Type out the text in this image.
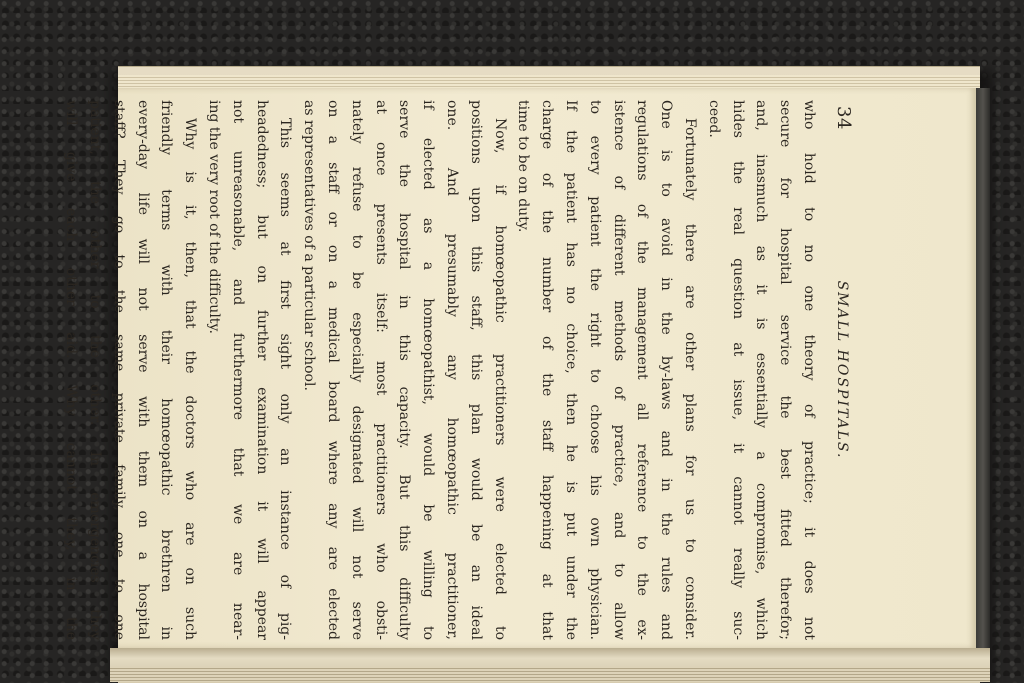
34
SMALL HOSPITALS.
who hold to no one theory of practice; it does not
secure for hospital service the best fitted therefor;
and, inasmuch as it is essentially a compromise, which
hides the real question at issue, it cannot really suc-
ceed.
Fortunately there are other plans for us to consider.
One is to avoid in the by-laws and in the rules and
regulations of the management all reference to the ex-
istence of different methods of practice, and to allow
to every patient the right to choose his own physician.
If the patient has no choice, then he is put under the
charge of the number of the staff happening at that
time to be on duty.
Now, if homœopathic practitioners were elected to
positions upon this staff, this plan would be an ideal
one. And presumably any homœopathic practitioner,
if elected as a homœopathist, would be willing to
serve the hospital in this capacity. But this difficulty
at once presents itself: most practitioners who obsti-
nately refuse to be especially designated will not serve
on a staff or on a medical board where any are elected
as representatives of a particular school.
This seems at first sight only an instance of pig-
headedness; but on further examination it will appear
not unreasonable, and furthermore that we are near-
ing the very root of the difficulty.
Why is it, then, that the doctors who are on such
friendly terms with their homœopathic brethren in
every-day life will not serve with them on a hospital
staff? They go to the same private family, one to one
patient, the other to the other. In emergencies they
will give each other aid. Why cannot they, in the
